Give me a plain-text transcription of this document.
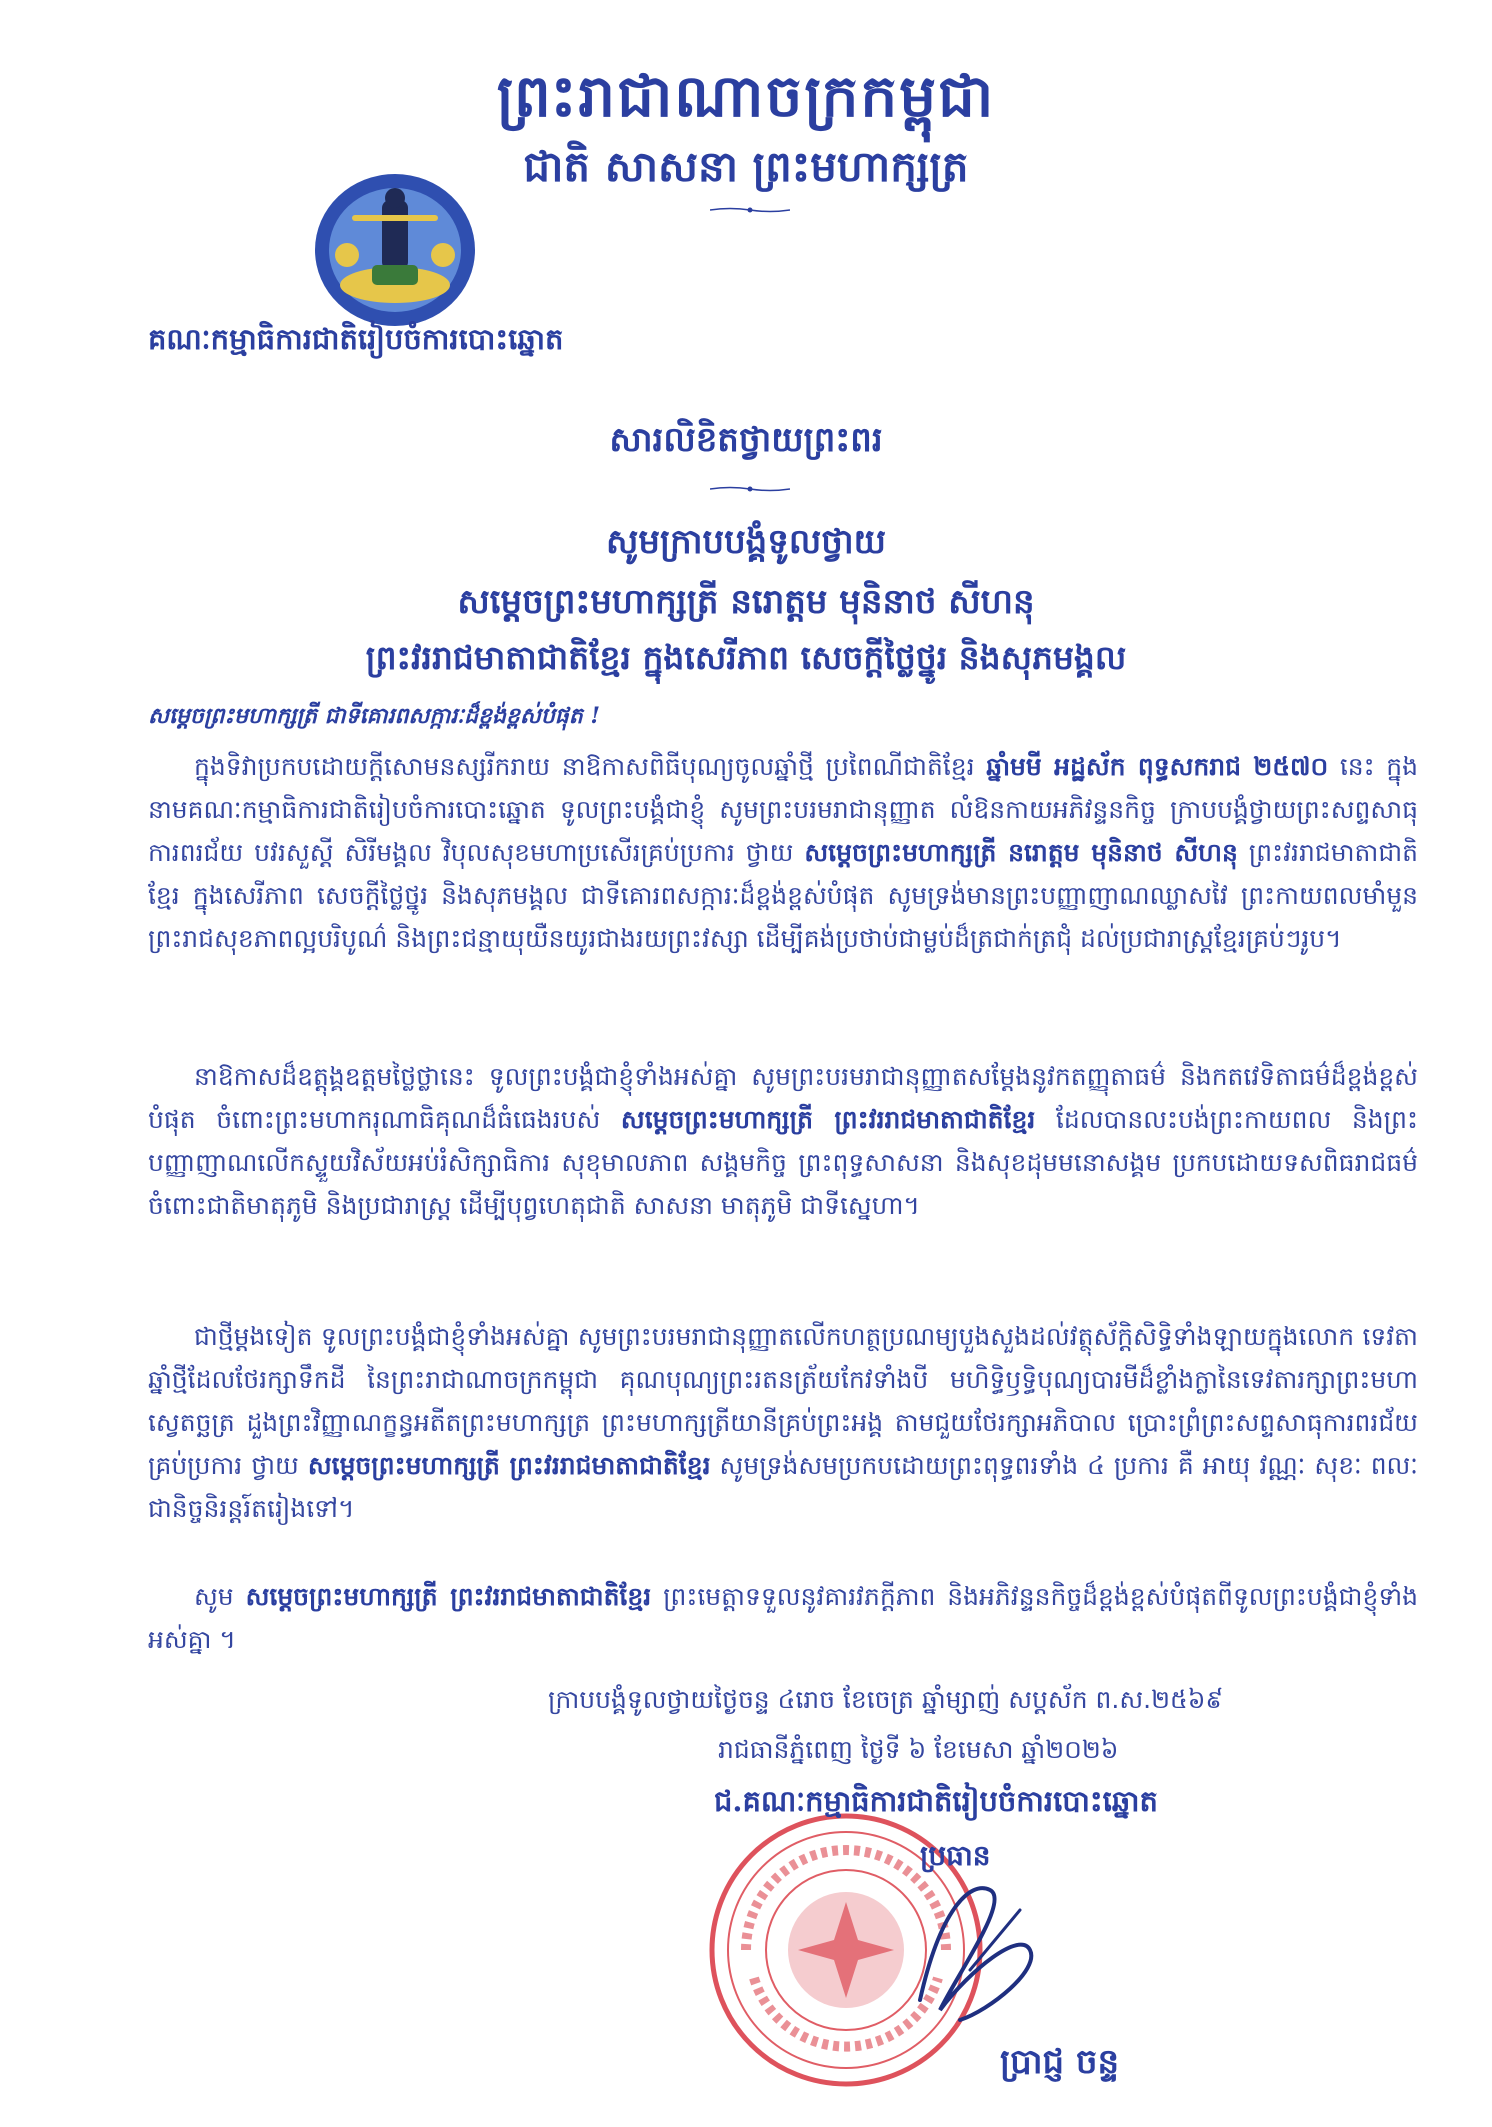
ព្រះរាជាណាចក្រកម្ពុជា
ជាតិ សាសនា ព្រះមហាក្សត្រ
គណៈកម្មាធិការជាតិរៀបចំការបោះឆ្នោត
សារលិខិតថ្វាយព្រះពរ
សូមក្រាបបង្គំទូលថ្វាយ
សម្តេចព្រះមហាក្សត្រី នរោត្តម មុនិនាថ សីហនុ
ព្រះវររាជមាតាជាតិខ្មែរ ក្នុងសេរីភាព សេចក្តីថ្លៃថ្នូរ និងសុភមង្គល
សម្តេចព្រះមហាក្សត្រី ជាទីគោរពសក្ការៈដ៏ខ្ពង់ខ្ពស់បំផុត !
ក្នុងទិវាប្រកបដោយក្តីសោមនស្សរីករាយ នាឱកាសពិធីបុណ្យចូលឆ្នាំថ្មី ប្រពៃណីជាតិខ្មែរ ឆ្នាំមមី អដ្ឋស័ក ពុទ្ធសករាជ ២៥៧០ នេះ ក្នុងនាមគណៈកម្មាធិការជាតិរៀបចំការបោះឆ្នោត ទូលព្រះបង្គំជាខ្ញុំ សូមព្រះបរមរាជានុញ្ញាត លំឱនកាយអភិវន្ទនកិច្ច ក្រាបបង្គំថ្វាយព្រះសព្ទសាធុការពរជ័យ បវរសួស្តី សិរីមង្គល វិបុលសុខមហាប្រសើរគ្រប់ប្រការ ថ្វាយ សម្តេចព្រះមហាក្សត្រី នរោត្តម មុនិនាថ សីហនុ ព្រះវររាជមាតាជាតិខ្មែរ ក្នុងសេរីភាព សេចក្តីថ្លៃថ្នូរ និងសុភមង្គល ជាទីគោរពសក្ការៈដ៏ខ្ពង់ខ្ពស់បំផុត សូមទ្រង់មានព្រះបញ្ញាញាណឈ្លាសវៃ ព្រះកាយពលមាំមួន ព្រះរាជសុខភាពល្អបរិបូណ៌ និងព្រះជន្មាយុយឺនយូរជាងរយព្រះវស្សា ដើម្បីគង់ប្រថាប់ជាម្លប់ដ៏ត្រជាក់ត្រជុំ ដល់ប្រជារាស្ត្រខ្មែរគ្រប់ៗរូប។
នាឱកាសដ៏ឧត្តុង្គឧត្តមថ្លៃថ្លានេះ ទូលព្រះបង្គំជាខ្ញុំទាំងអស់គ្នា សូមព្រះបរមរាជានុញ្ញាតសម្តែងនូវកតញ្ញុតាធម៌ និងកតវេទិតាធម៌ដ៏ខ្ពង់ខ្ពស់បំផុត ចំពោះព្រះមហាករុណាធិគុណដ៏ធំធេងរបស់ សម្តេចព្រះមហាក្សត្រី ព្រះវររាជមាតាជាតិខ្មែរ ដែលបានលះបង់ព្រះកាយពល និងព្រះបញ្ញាញាណលើកស្ទួយវិស័យអប់រំសិក្សាធិការ សុខុមាលភាព សង្គមកិច្ច ព្រះពុទ្ធសាសនា និងសុខដុមមនោសង្គម ប្រកបដោយទសពិធរាជធម៌ចំពោះជាតិមាតុភូមិ និងប្រជារាស្ត្រ ដើម្បីបុព្វហេតុជាតិ សាសនា មាតុភូមិ ជាទីស្នេហា។
ជាថ្មីម្តងទៀត ទូលព្រះបង្គំជាខ្ញុំទាំងអស់គ្នា សូមព្រះបរមរាជានុញ្ញាតលើកហត្ថប្រណម្យបួងសួងដល់វត្ថុស័ក្តិសិទ្ធិទាំងឡាយក្នុងលោក ទេវតាឆ្នាំថ្មីដែលថែរក្សាទឹកដី នៃព្រះរាជាណាចក្រកម្ពុជា គុណបុណ្យព្រះរតនត្រ័យកែវទាំងបី មហិទ្ធិឫទ្ធិបុណ្យបារមីដ៏ខ្លាំងក្លានៃទេវតារក្សាព្រះមហាស្វេតច្ឆត្រ ដួងព្រះវិញ្ញាណក្ខន្ធអតីតព្រះមហាក្សត្រ ព្រះមហាក្សត្រីយានីគ្រប់ព្រះអង្គ តាមជួយថែរក្សាអភិបាល ប្រោះព្រំព្រះសព្ទសាធុការពរជ័យគ្រប់ប្រការ ថ្វាយ សម្តេចព្រះមហាក្សត្រី ព្រះវររាជមាតាជាតិខ្មែរ សូមទ្រង់សមប្រកបដោយព្រះពុទ្ធពរទាំង ៤ ប្រការ គឺ អាយុ វណ្ណៈ សុខៈ ពលៈ ជានិច្ចនិរន្តរ៍តរៀងទៅ។
សូម សម្តេចព្រះមហាក្សត្រី ព្រះវររាជមាតាជាតិខ្មែរ ព្រះមេត្តាទទួលនូវគារវភក្តីភាព និងអភិវន្ទនកិច្ចដ៏ខ្ពង់ខ្ពស់បំផុតពីទូលព្រះបង្គំជាខ្ញុំទាំងអស់គ្នា ។
ក្រាបបង្គំទូលថ្វាយថ្ងៃចន្ទ ៤រោច ខែចេត្រ ឆ្នាំម្សាញ់ សប្តស័ក ព.ស.២៥៦៩
រាជធានីភ្នំពេញ ថ្ងៃទី ៦ ខែមេសា ឆ្នាំ២០២៦
ជ.គណៈកម្មាធិការជាតិរៀបចំការបោះឆ្នោត
ប្រធាន
ប្រាជ្ញ ចន្ទ
